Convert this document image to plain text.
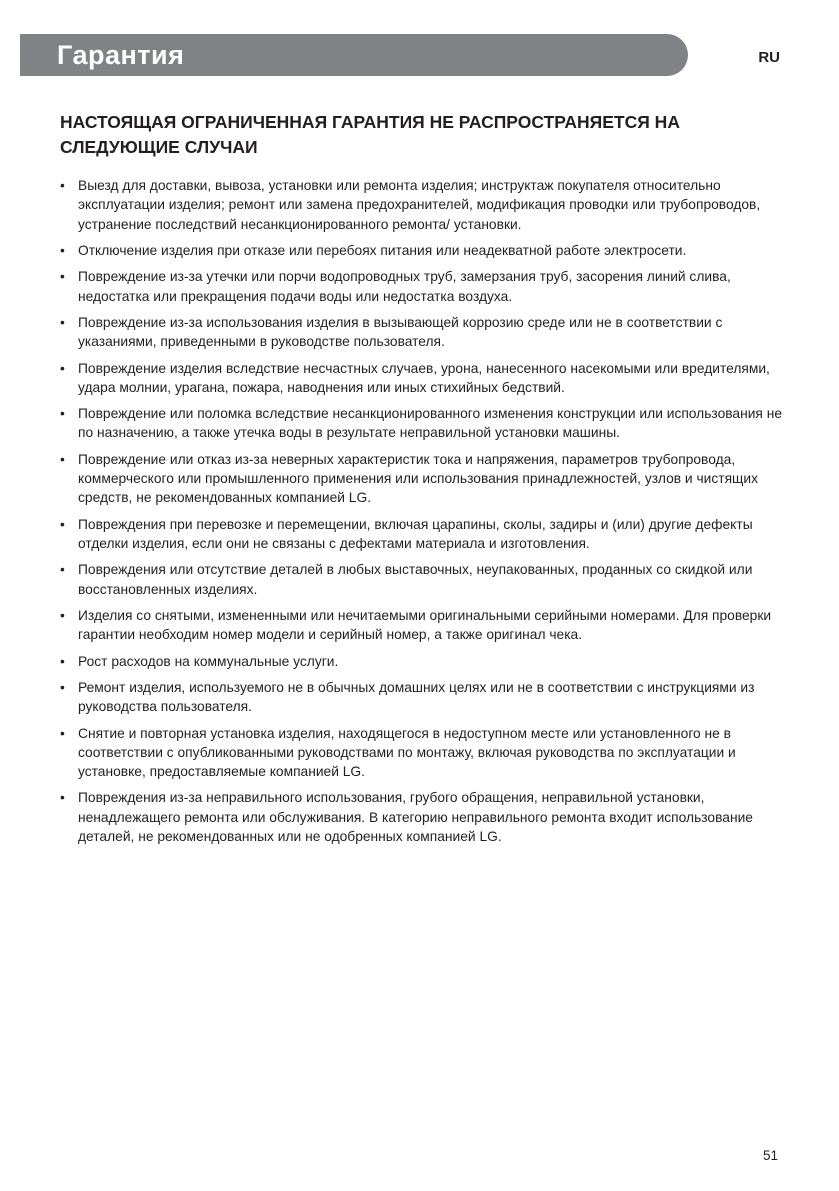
Гарантия	RU
НАСТОЯЩАЯ ОГРАНИЧЕННАЯ ГАРАНТИЯ НЕ РАСПРОСТРАНЯЕТСЯ НА СЛЕДУЮЩИЕ СЛУЧАИ
• Выезд для доставки, вывоза, установки или ремонта изделия; инструктаж покупателя относительно эксплуатации изделия; ремонт или замена предохранителей, модификация проводки или трубопроводов, устранение последствий несанкционированного ремонта/ установки.
• Отключение изделия при отказе или перебоях питания или неадекватной работе электросети.
• Повреждение из-за утечки или порчи водопроводных труб, замерзания труб, засорения линий слива, недостатка или прекращения подачи воды или недостатка воздуха.
• Повреждение из-за использования изделия в вызывающей коррозию среде или не в соответствии с указаниями, приведенными в руководстве пользователя.
• Повреждение изделия вследствие несчастных случаев, урона, нанесенного насекомыми или вредителями, удара молнии, урагана, пожара, наводнения или иных стихийных бедствий.
• Повреждение или поломка вследствие несанкционированного изменения конструкции или использования не по назначению, а также утечка воды в результате неправильной установки машины.
• Повреждение или отказ из-за неверных характеристик тока и напряжения, параметров трубопровода, коммерческого или промышленного применения или использования принадлежностей, узлов и чистящих средств, не рекомендованных компанией LG.
• Повреждения при перевозке и перемещении, включая царапины, сколы, задиры и (или) другие дефекты отделки изделия, если они не связаны с дефектами материала и изготовления.
• Повреждения или отсутствие деталей в любых выставочных, неупакованных, проданных со скидкой или восстановленных изделиях.
• Изделия со снятыми, измененными или нечитаемыми оригинальными серийными номерами. Для проверки гарантии необходим номер модели и серийный номер, а также оригинал чека.
• Рост расходов на коммунальные услуги.
• Ремонт изделия, используемого не в обычных домашних целях или не в соответствии с инструкциями из руководства пользователя.
• Снятие и повторная установка изделия, находящегося в недоступном месте или установленного не в соответствии с опубликованными руководствами по монтажу, включая руководства по эксплуатации и установке, предоставляемые компанией LG.
• Повреждения из-за неправильного использования, грубого обращения, неправильной установки, ненадлежащего ремонта или обслуживания. В категорию неправильного ремонта входит использование деталей, не рекомендованных или не одобренных компанией LG.
51
